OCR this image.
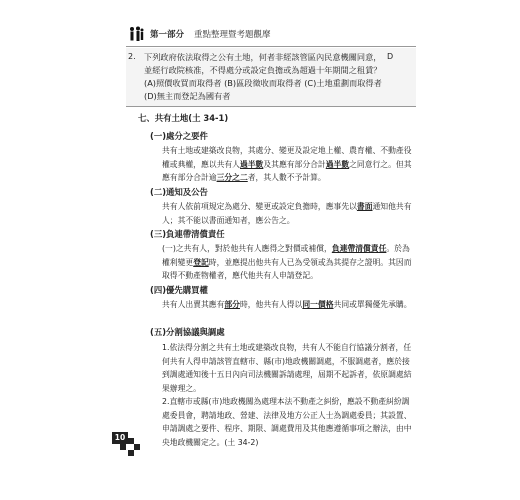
第一部分 重點整理暨考題觀摩
2. 下列政府依法取得之公有土地，何者非經該管區內民意機關同意，並經行政院核准，不得處分或設定負擔或為超過十年期間之租賃？ (A)照價收買而取得者 (B)區段徵收而取得者 (C)土地重劃而取得者 (D)無主而登記為國有者
D
七、共有土地(土 34-1)
(一)處分之要件
共有土地或建築改良物，其處分、變更及設定地上權、農育權、不動產役權或典權，應以共有人過半數及其應有部分合計過半數之同意行之。但其應有部分合計逾三分之二者，其人數不予計算。
(二)通知及公告
共有人依前項規定為處分、變更或設定負擔時，應事先以書面通知他共有人；其不能以書面通知者，應公告之。
(三)負連帶清償責任
(一)之共有人，對於他共有人應得之對價或補償，負連帶清償責任。於為權利變更登記時，並應提出他共有人已為受領或為其提存之證明。其因而取得不動產物權者，應代他共有人申請登記。
(四)優先購買權
共有人出賣其應有部分時，他共有人得以同一價格共同或單獨優先承購。
(五)分割協議與調處
1.依法得分割之共有土地或建築改良物，共有人不能自行協議分割者，任何共有人得申請該管直轄市、縣(市)地政機關調處，不服調處者，應於接到調處通知後十五日內向司法機關訴請處理，屆期不起訴者，依原調處結果辦理之。
2.直轄市或縣(市)地政機關為處理本法不動產之糾紛，應設不動產糾紛調處委員會，聘請地政、營建、法律及地方公正人士為調處委員；其設置、申請調處之要件、程序、期限、調處費用及其他應遵循事項之辦法，由中央地政機關定之。(土 34-2)
10
